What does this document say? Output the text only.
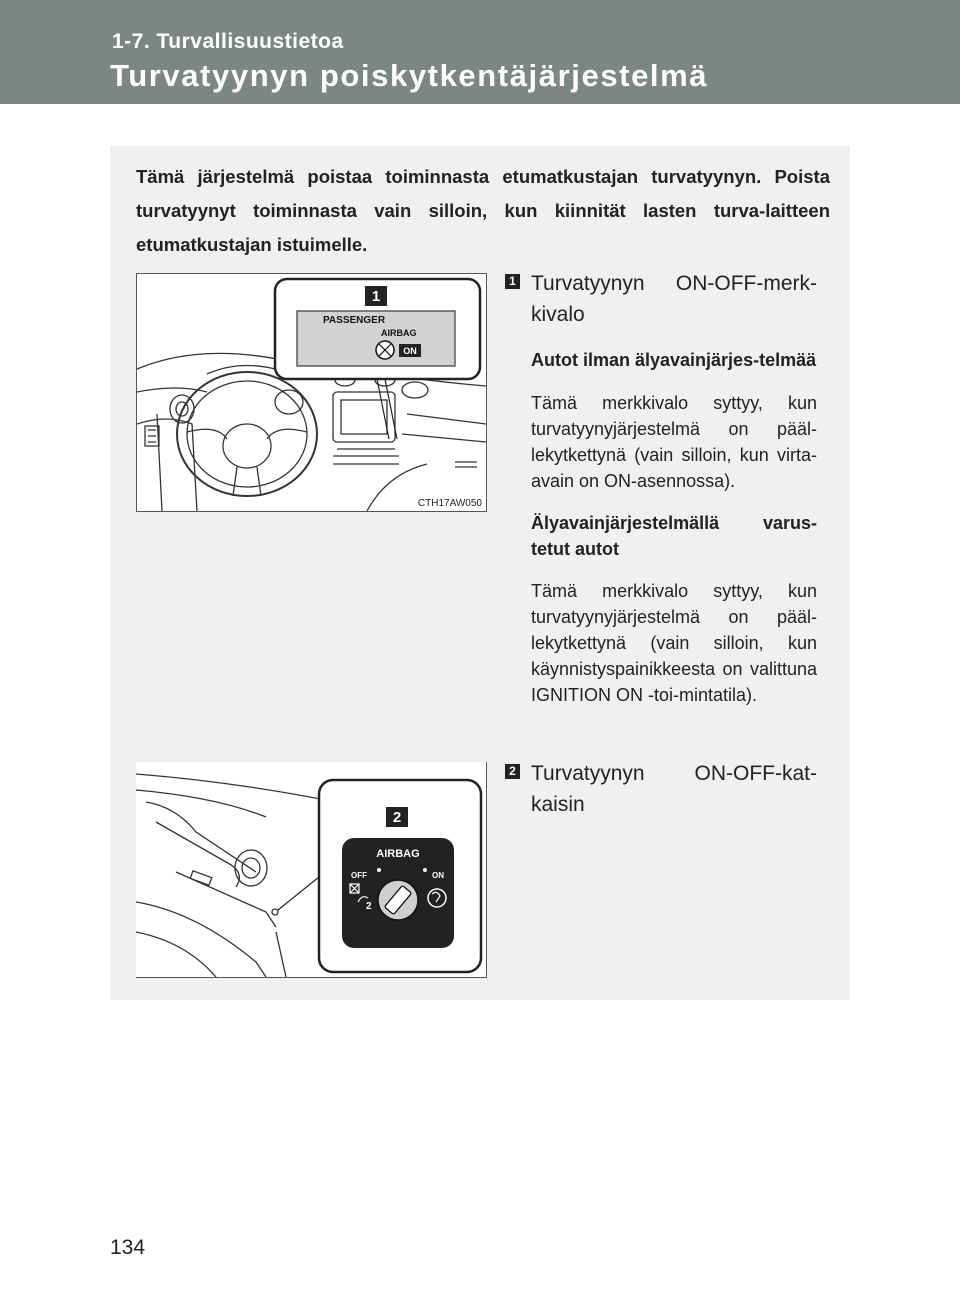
1-7. Turvallisuustietoa
Turvatyynyn poiskytkentäjärjestelmä
Tämä järjestelmä poistaa toiminnasta etumatkustajan turvatyynyn. Poista turvatyynyt toiminnasta vain silloin, kun kiinnität lasten turva-laitteen etumatkustajan istuimelle.
1
PASSENGER
AIRBAG
ON
CTH17AW050
2
AIRBAG
OFF	ON
2
1 Turvatyynyn ON-OFF-merk-kivalo
Autot ilman älyavainjärjes-telmää
Tämä merkkivalo syttyy, kun turvatyynyjärjestelmä on pääl-lekytkettynä (vain silloin, kun virta-avain on ON-asennossa).
Älyavainjärjestelmällä varus-tetut autot
Tämä merkkivalo syttyy, kun turvatyynyjärjestelmä on pääl-lekytkettynä (vain silloin, kun käynnistyspainikkeesta on valittuna IGNITION ON -toi-mintatila).
2 Turvatyynyn ON-OFF-kat-kaisin
134
